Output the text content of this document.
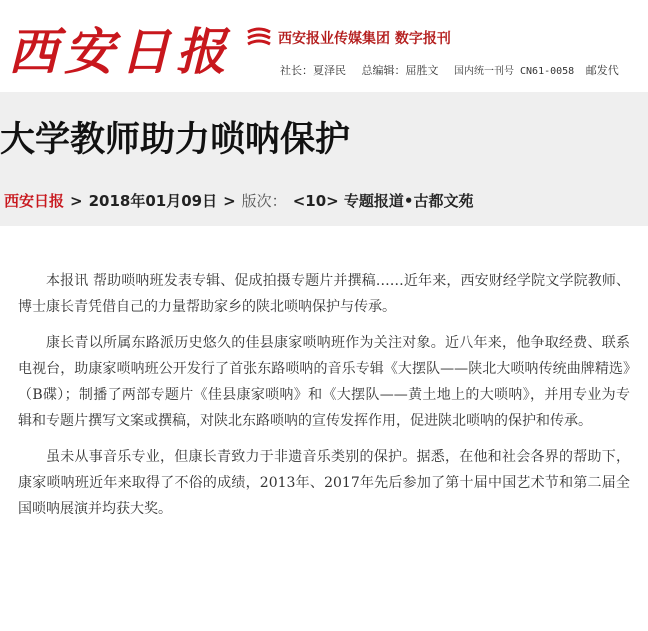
西安日报	西安报业传媒集团 数字报刊
社长：夏泽民 总编辑：屈胜文 国内统一刊号 CN61-0058 邮发代
大学教师助力唢呐保护
西安日报 > 2018年01月09日 > 版次： <10> 专题报道•古都文苑

本报讯 帮助唢呐班发表专辑、促成拍摄专题片并撰稿……近年来，西安财经学院文学院教师、博士康长青凭借自己的力量帮助家乡的陕北唢呐保护与传承。

康长青以所属东路派历史悠久的佳县康家唢呐班作为关注对象。近八年来，他争取经费、联系电视台，助康家唢呐班公开发行了首张东路唢呐的音乐专辑《大摆队——陕北大唢呐传统曲牌精选》（B碟）；制播了两部专题片《佳县康家唢呐》和《大摆队——黄土地上的大唢呐》，并用专业为专辑和专题片撰写文案或撰稿，对陕北东路唢呐的宣传发挥作用，促进陕北唢呐的保护和传承。

虽未从事音乐专业，但康长青致力于非遗音乐类别的保护。据悉，在他和社会各界的帮助下，康家唢呐班近年来取得了不俗的成绩，2013年、2017年先后参加了第十届中国艺术节和第二届全国唢呐展演并均获大奖。
